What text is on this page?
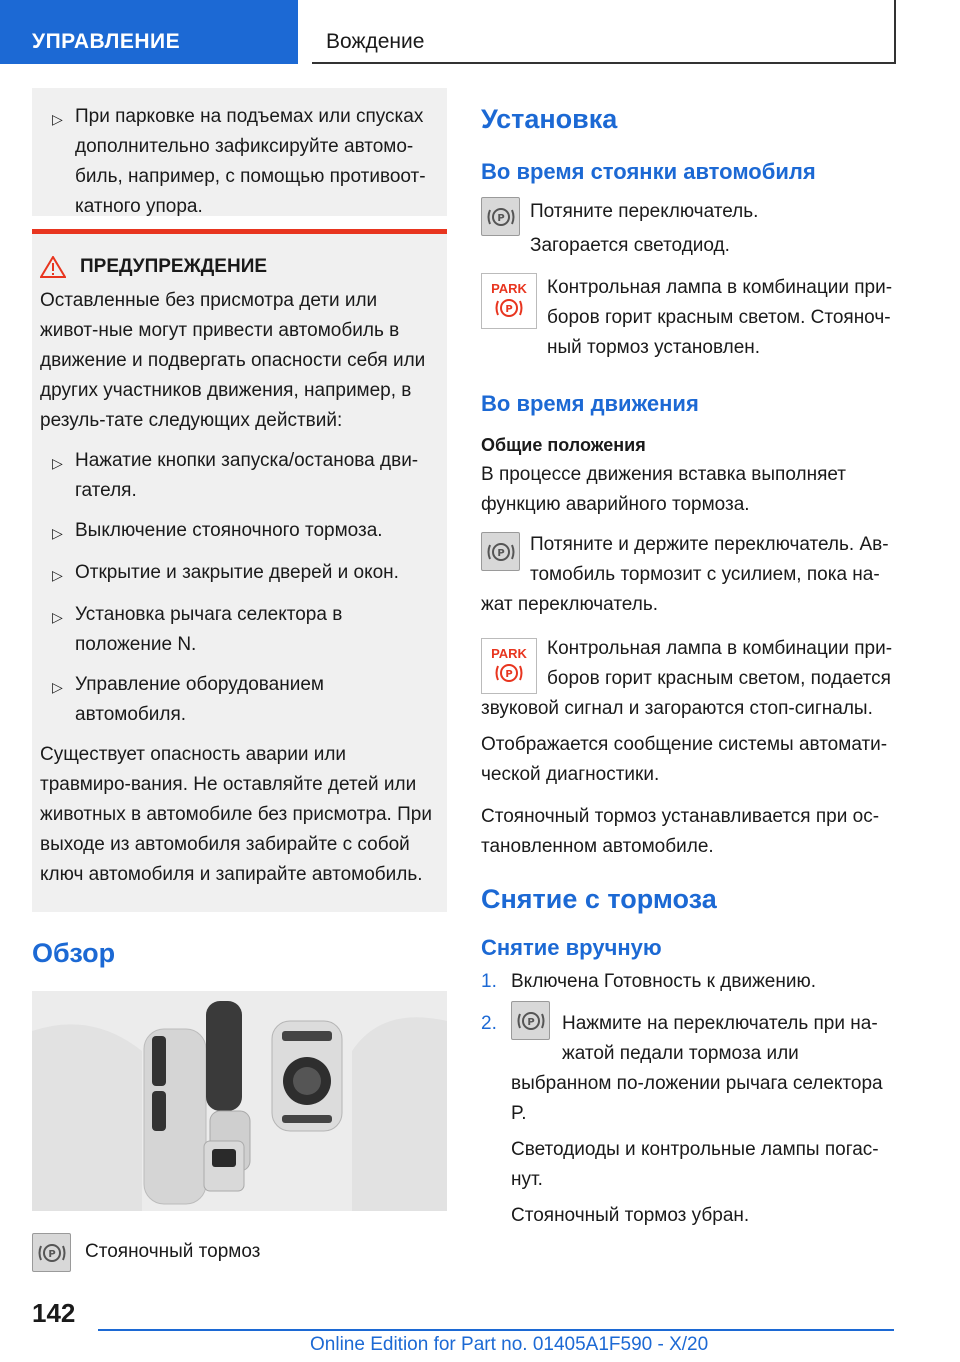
УПРАВЛЕНИЕ	Вождение
▷ При парковке на подъемах или спусках дополнительно зафиксируйте автомо-биль, например, с помощью противоот-катного упора.
ПРЕДУПРЕЖДЕНИЕ
Оставленные без присмотра дети или живот-ные могут привести автомобиль в движение и подвергать опасности себя или других участников движения, например, в резуль-тате следующих действий:
▷ Нажатие кнопки запуска/останова дви-гателя.
▷ Выключение стояночного тормоза.
▷ Открытие и закрытие дверей и окон.
▷ Установка рычага селектора в положение N.
▷ Управление оборудованием автомобиля.
Существует опасность аварии или травмиро-вания. Не оставляйте детей или животных в автомобиле без присмотра. При выходе из автомобиля забирайте с собой ключ автомобиля и запирайте автомобиль.
Обзор
P	Стояночный тормоз
Установка
Во время стоянки автомобиля
P Потяните переключатель.
Загорается светодиод.
PARK
P
Контрольная лампа в комбинации при-боров горит красным светом. Стояноч-ный тормоз установлен.
Во время движения
Общие положения
В процессе движения вставка выполняет функцию аварийного тормоза.
P	Потяните и держите переключатель. Ав-томобиль тормозит с усилием, пока на-жат переключатель.
PARK
P
Контрольная лампа в комбинации при-боров горит красным светом, подается звуковой сигнал и загораются стоп-сигналы.
Отображается сообщение системы автомати-ческой диагностики.
Стояночный тормоз устанавливается при ос-тановленном автомобиле.
Снятие с тормоза
Снятие вручную
1. Включена Готовность к движению.
2.	P Нажмите на переключатель при на-жатой педали тормоза или выбранном по-ложении рычага селектора P.
Светодиоды и контрольные лампы погас-нут.
Стояночный тормоз убран.
142
Online Edition for Part no. 01405A1F590 - X/20
